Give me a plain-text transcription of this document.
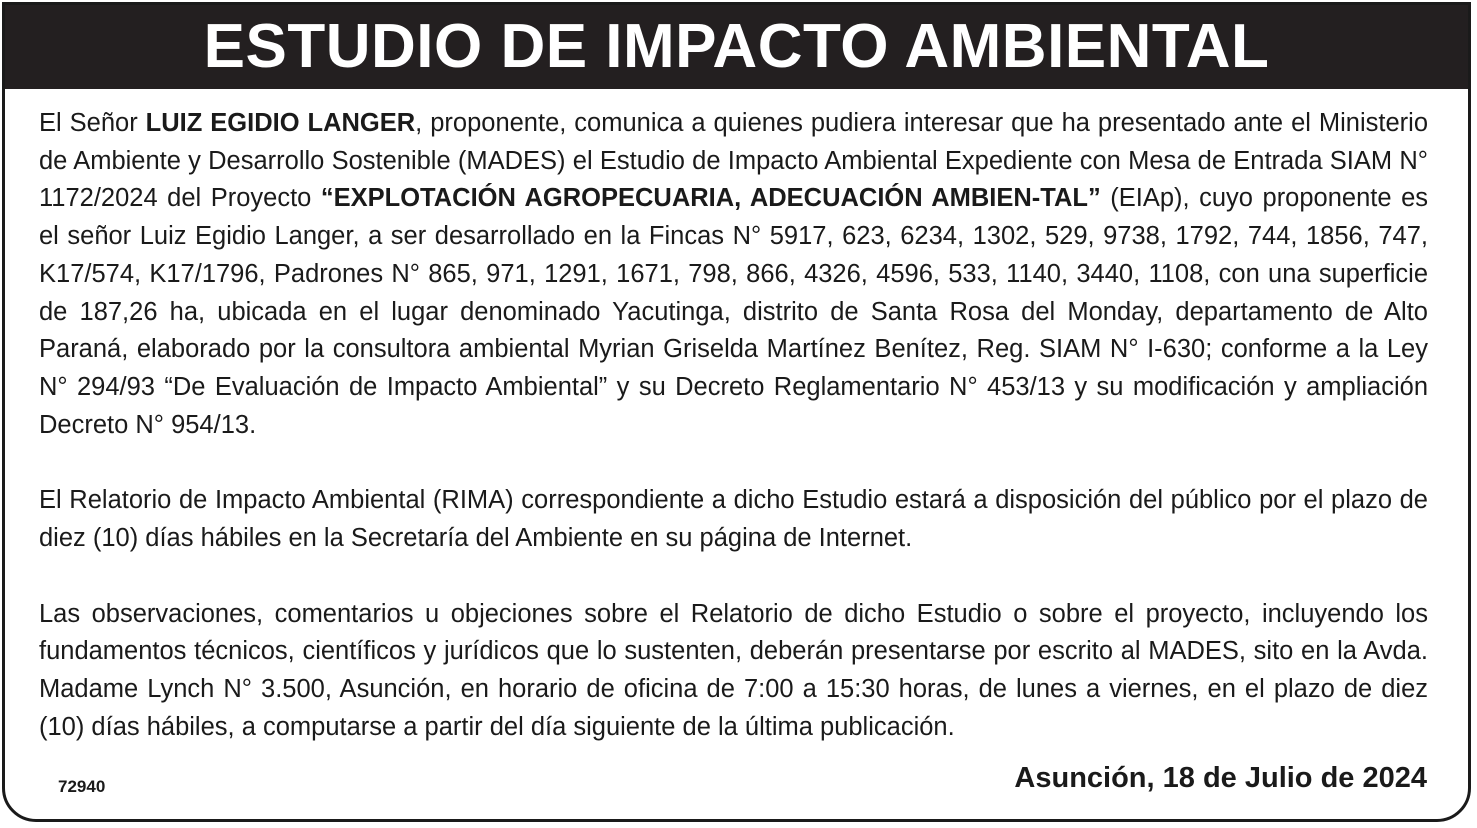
ESTUDIO DE IMPACTO AMBIENTAL

El Señor LUIZ EGIDIO LANGER, proponente, comunica a quienes pudiera interesar que ha presentado ante el Ministerio de Ambiente y Desarrollo Sostenible (MADES) el Estudio de Impacto Ambiental Expediente con Mesa de Entrada SIAM N° 1172/2024 del Proyecto “EXPLOTACIÓN AGROPECUARIA, ADECUACIÓN AMBIEN-TAL” (EIAp), cuyo proponente es el señor Luiz Egidio Langer, a ser desarrollado en la Fincas N° 5917, 623, 6234, 1302, 529, 9738, 1792, 744, 1856, 747, K17/574, K17/1796, Padrones N° 865, 971, 1291, 1671, 798, 866, 4326, 4596, 533, 1140, 3440, 1108, con una superficie de 187,26 ha, ubicada en el lugar denominado Yacutinga, distrito de Santa Rosa del Monday, departamento de Alto Paraná, elaborado por la consultora ambiental Myrian Griselda Martínez Benítez, Reg. SIAM N° I-630; conforme a la Ley N° 294/93 “De Evaluación de Impacto Ambiental” y su Decreto Reglamentario N° 453/13 y su modificación y ampliación Decreto N° 954/13.

El Relatorio de Impacto Ambiental (RIMA) correspondiente a dicho Estudio estará a disposición del público por el plazo de diez (10) días hábiles en la Secretaría del Ambiente en su página de Internet.

Las observaciones, comentarios u objeciones sobre el Relatorio de dicho Estudio o sobre el proyecto, incluyendo los fundamentos técnicos, científicos y jurídicos que lo sustenten, deberán presentarse por escrito al MADES, sito en la Avda. Madame Lynch N° 3.500, Asunción, en horario de oficina de 7:00 a 15:30 horas, de lunes a viernes, en el plazo de diez (10) días hábiles, a computarse a partir del día siguiente de la última publicación.

72940	Asunción, 18 de Julio de 2024
